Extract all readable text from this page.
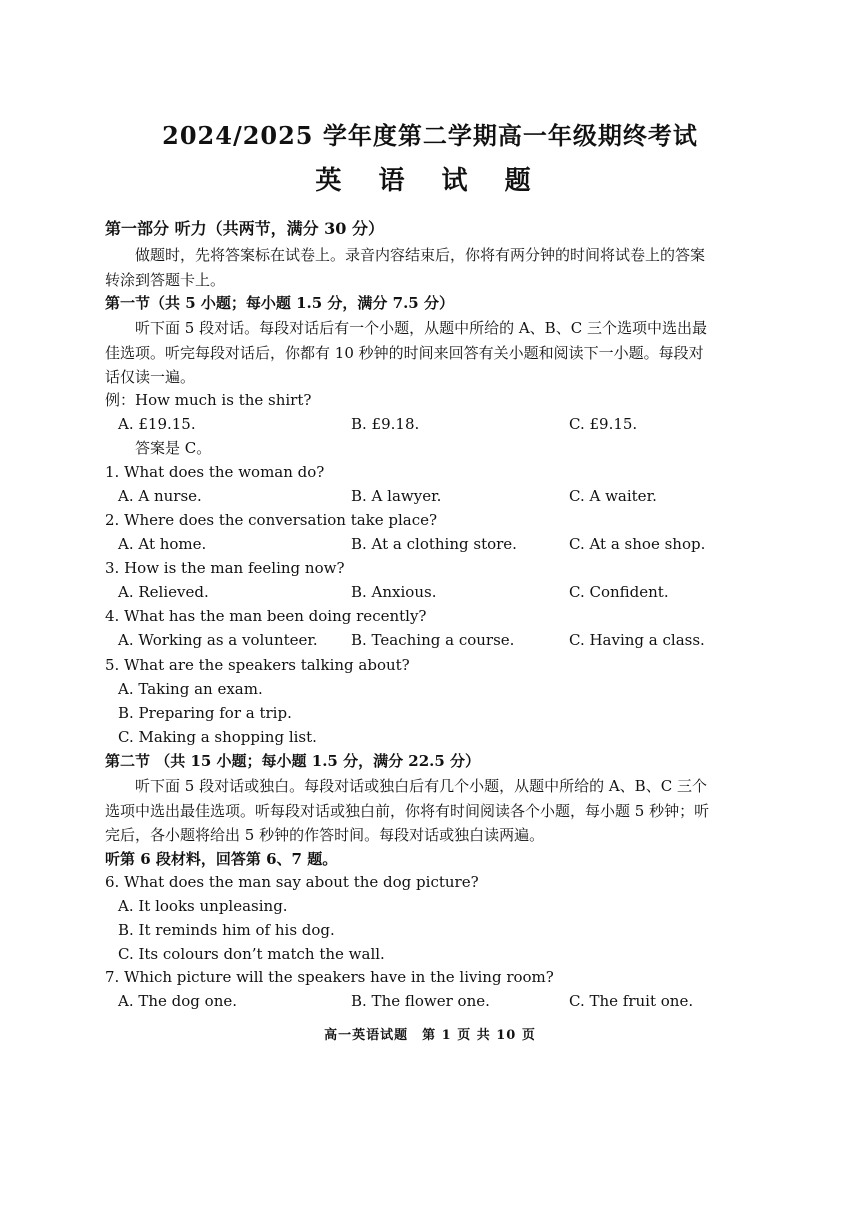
2024/2025 学年度第二学期高一年级期终考试
英 语 试 题
第一部分 听力（共两节，满分 30 分）
做题时，先将答案标在试卷上。录音内容结束后，你将有两分钟的时间将试卷上的答案
转涂到答题卡上。
第一节（共 5 小题；每小题 1.5 分，满分 7.5 分）
听下面 5 段对话。每段对话后有一个小题，从题中所给的 A、B、C 三个选项中选出最
佳选项。听完每段对话后，你都有 10 秒钟的时间来回答有关小题和阅读下一小题。每段对
话仅读一遍。
例：How much is the shirt?
A. £19.15.	B. £9.18.	C. £9.15.
答案是 C。
1. What does the woman do?
A. A nurse.	B. A lawyer.	C. A waiter.
2. Where does the conversation take place?
A. At home.	B. At a clothing store.	C. At a shoe shop.
3. How is the man feeling now?
A. Relieved.	B. Anxious.	C. Confident.
4. What has the man been doing recently?
A. Working as a volunteer. B. Teaching a course.	C. Having a class.
5. What are the speakers talking about?
A. Taking an exam.
B. Preparing for a trip.
C. Making a shopping list.
第二节 （共 15 小题；每小题 1.5 分，满分 22.5 分）
听下面 5 段对话或独白。每段对话或独白后有几个小题，从题中所给的 A、B、C 三个
选项中选出最佳选项。听每段对话或独白前，你将有时间阅读各个小题，每小题 5 秒钟；听
完后，各小题将给出 5 秒钟的作答时间。每段对话或独白读两遍。
听第 6 段材料，回答第 6、7 题。
6. What does the man say about the dog picture?
A. It looks unpleasing.
B. It reminds him of his dog.
C. Its colours don’t match the wall.
7. Which picture will the speakers have in the living room?
A. The dog one.	B. The flower one.	C. The fruit one.
高一英语试题　第 1 页 共 10 页
